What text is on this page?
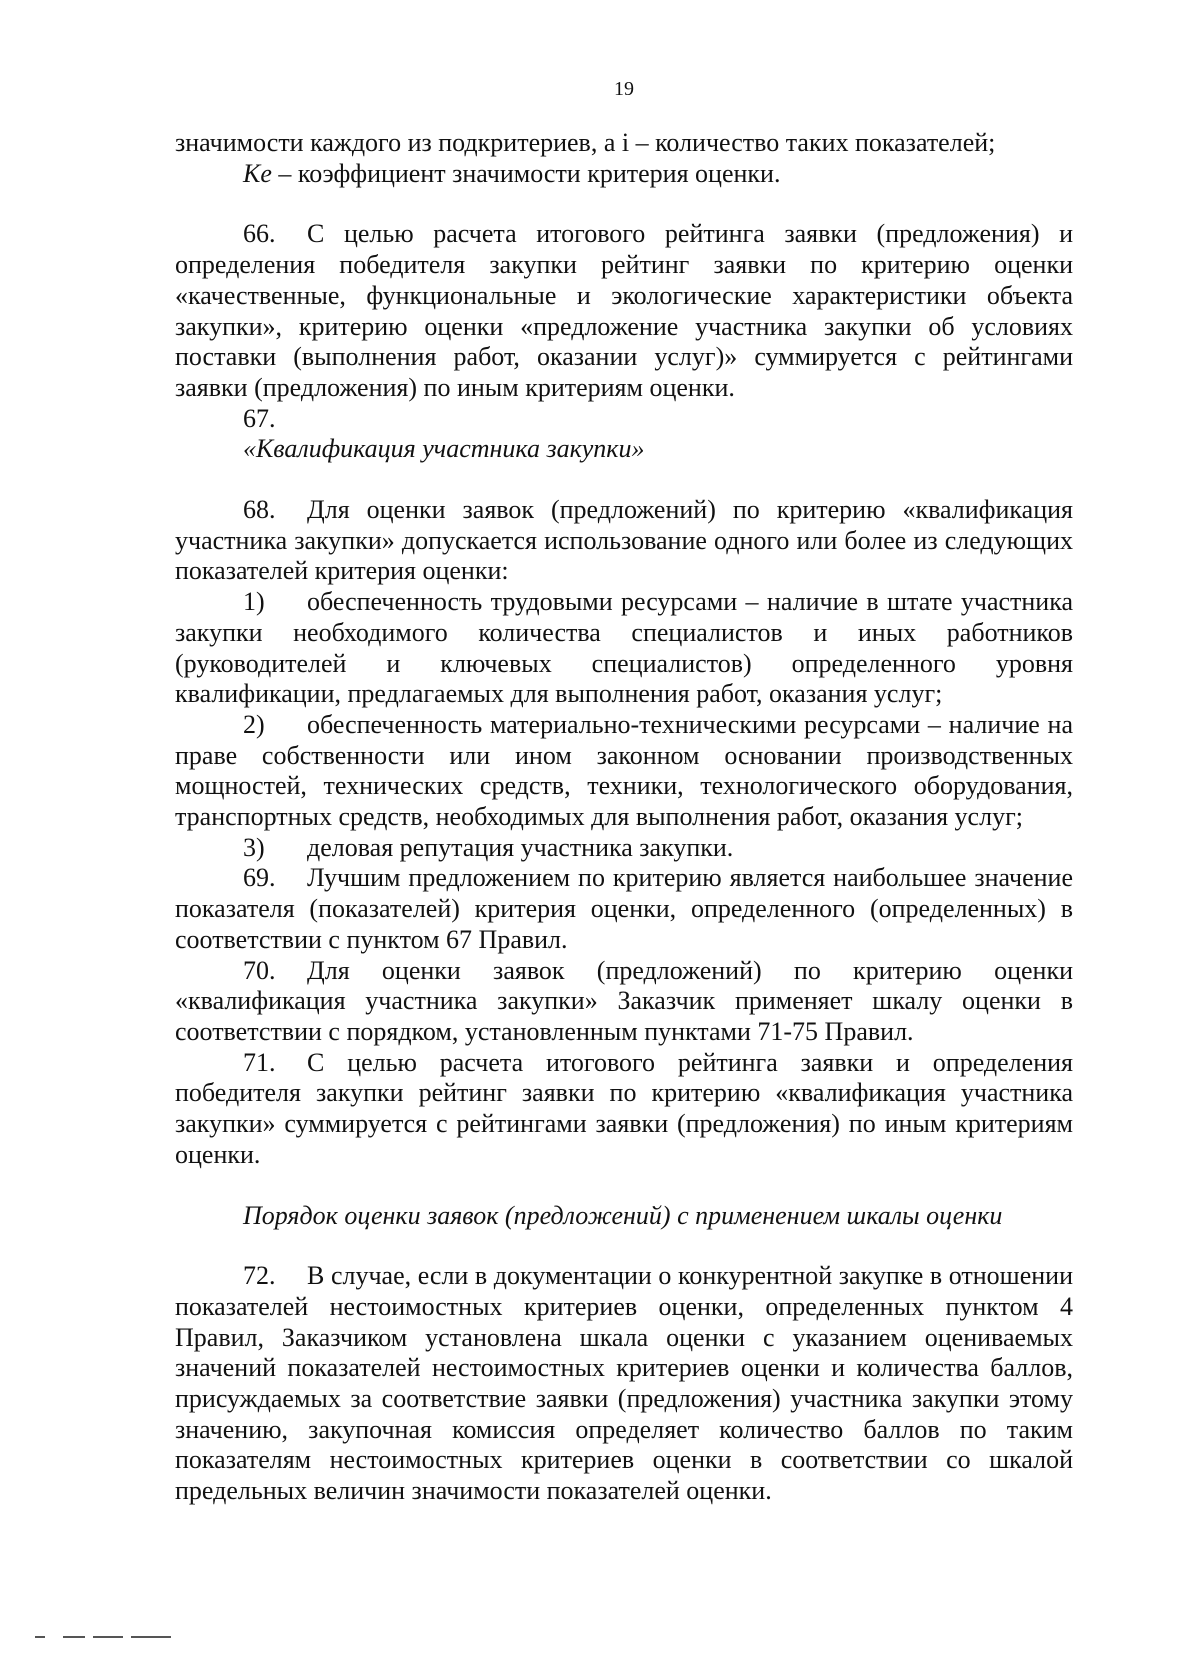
19

значимости каждого из подкритериев, а i – количество таких показателей;

Ke – коэффициент значимости критерия оценки.

66. С целью расчета итогового рейтинга заявки (предложения) и определения победителя закупки рейтинг заявки по критерию оценки «качественные, функциональные и экологические характеристики объекта закупки», критерию оценки «предложение участника закупки об условиях поставки (выполнения работ, оказании услуг)» суммируется с рейтингами заявки (предложения) по иным критериям оценки.

67.

«Квалификация участника закупки»

68. Для оценки заявок (предложений) по критерию «квалификация участника закупки» допускается использование одного или более из следующих показателей критерия оценки:

1) обеспеченность трудовыми ресурсами – наличие в штате участника закупки необходимого количества специалистов и иных работников (руководителей и ключевых специалистов) определенного уровня квалификации, предлагаемых для выполнения работ, оказания услуг;

2) обеспеченность материально-техническими ресурсами – наличие на праве собственности или ином законном основании производственных мощностей, технических средств, техники, технологического оборудования, транспортных средств, необходимых для выполнения работ, оказания услуг;

3) деловая репутация участника закупки.

69. Лучшим предложением по критерию является наибольшее значение показателя (показателей) критерия оценки, определенного (определенных) в соответствии с пунктом 67 Правил.

70. Для оценки заявок (предложений) по критерию оценки «квалификация участника закупки» Заказчик применяет шкалу оценки в соответствии с порядком, установленным пунктами 71-75 Правил.

71. С целью расчета итогового рейтинга заявки и определения победителя закупки рейтинг заявки по критерию «квалификация участника закупки» суммируется с рейтингами заявки (предложения) по иным критериям оценки.

Порядок оценки заявок (предложений) с применением шкалы оценки

72. В случае, если в документации о конкурентной закупке в отношении показателей нестоимостных критериев оценки, определенных пунктом 4 Правил, Заказчиком установлена шкала оценки с указанием оцениваемых значений показателей нестоимостных критериев оценки и количества баллов, присуждаемых за соответствие заявки (предложения) участника закупки этому значению, закупочная комиссия определяет количество баллов по таким показателям нестоимостных критериев оценки в соответствии со шкалой предельных величин значимости показателей оценки.
